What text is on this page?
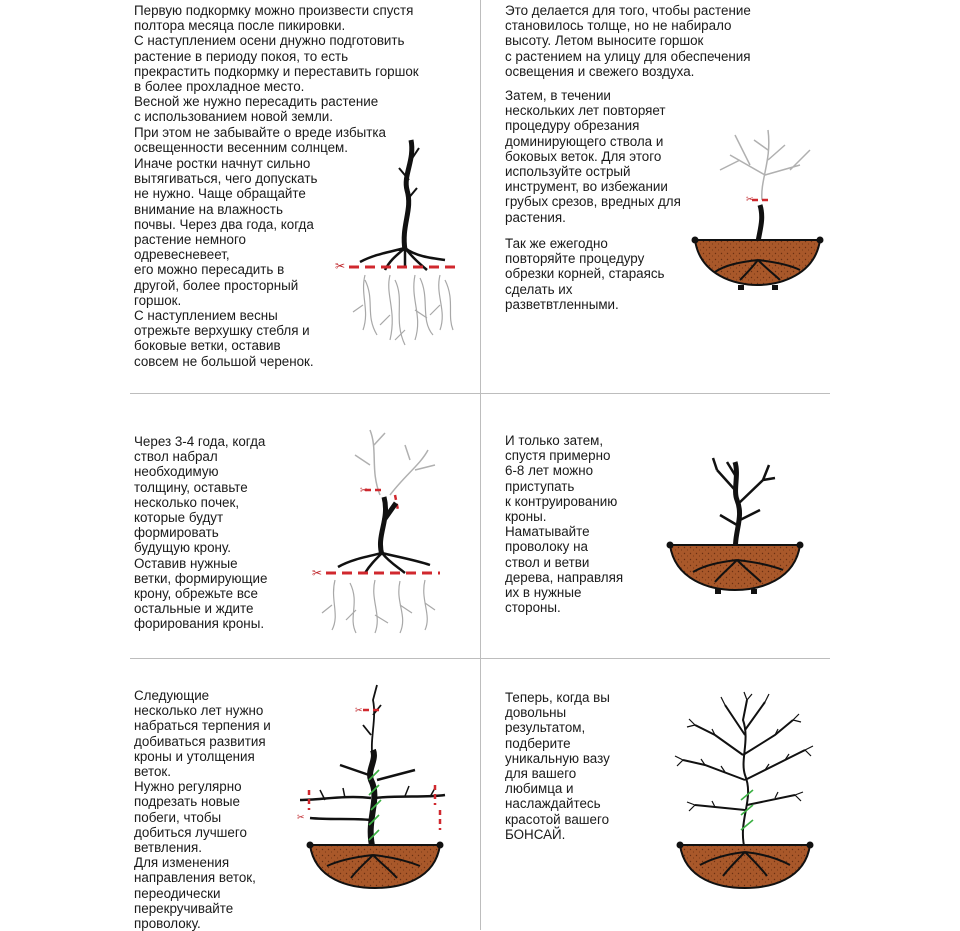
Первую подкормку можно произвести спустя
полтора месяца после пикировки.

С наступлением осени днужно подготовить
растение в периоду покоя, то есть
прекрастить подкормку и переставить горшок
в более прохладное место.

Весной же нужно пересадить растение
с использованием новой земли.

При этом не забывайте о вреде избытка
освещенности весенним солнцем.

Иначе ростки начнут сильно
вытягиваться, чего допускать
не нужно. Чаще обращайте
внимание на влажность
почвы. Через два года, когда
растение немного
одревесневеет,
его можно пересадить в
другой, более просторный
горшок.

С наступлением весны
отрежьте верхушку стебля и
боковые ветки, оставив
совсем не большой черенок.

✂

Это делается для того, чтобы растение
становилось толще, но не набирало
высоту. Летом выносите горшок
с растением на улицу для обеспечения
освещения и свежего воздуха.

Затем, в течении
нескольких лет повторяет
процедуру обрезания
доминирующего ствола и
боковых веток. Для этого
используйте острый
инструмент, во избежании
грубых срезов, вредных для
растения.

Так же ежегодно
повторяйте процедуру
обрезки корней, стараясь
сделать их
разветвтленными.

✂

Через 3-4 года, когда
ствол набрал
необходимую
толщину, оставьте
несколько почек,
которые будут
формировать
будущую крону.
Оставив нужные
ветки, формирующие
крону, обрежьте все
остальные и ждите
форирования кроны.

✂
✂

И только затем,
спустя примерно
6-8 лет можно
приступать
к контруированию
кроны.
Наматывайте
проволоку на
ствол и ветви
дерева, направляя
их в нужные
стороны.

Следующие
несколько лет нужно
набраться терпения и
добиваться развития
кроны и утолщения
веток.
Нужно регулярно
подрезать новые
побеги, чтобы
добиться лучшего
ветвления.
Для изменения
направления веток,
переодически
перекручивайте
проволоку.

✂
✂

Теперь, когда вы
довольны
результатом,
подберите
уникальную вазу
для вашего
любимца и
наслаждайтесь
красотой вашего
БОНСАЙ.
